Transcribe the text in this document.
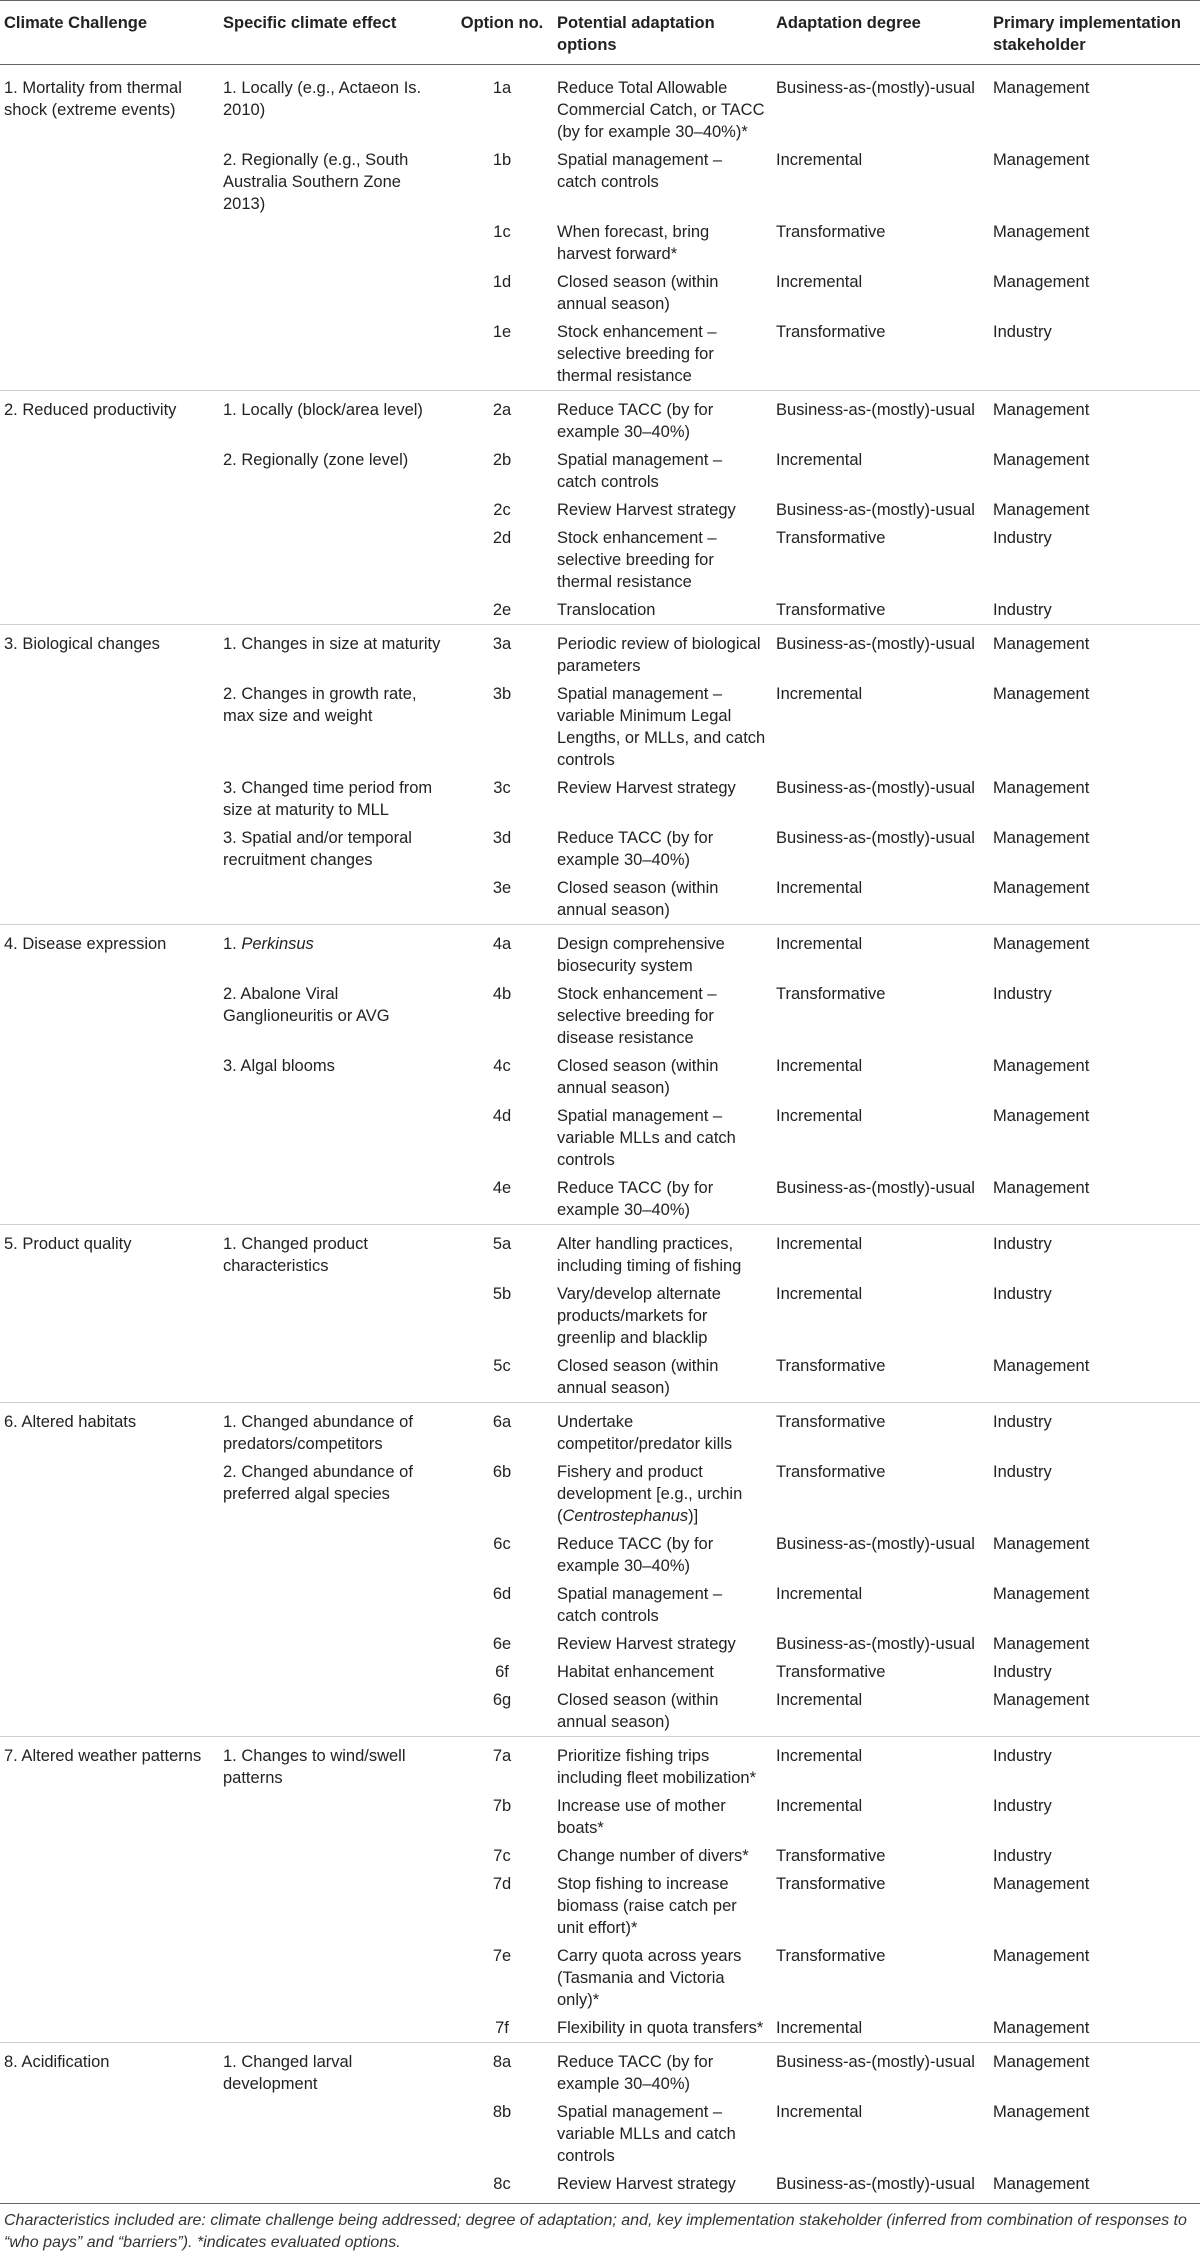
Climate Challenge	Specific climate effect	Option no.	Potential adaptation options	Adaptation degree	Primary implementation stakeholder
1. Mortality from thermal shock (extreme events)	1. Locally (e.g., Actaeon Is. 2010)	1a	Reduce Total Allowable Commercial Catch, or TACC (by for example 30–40%)*	Business-as-(mostly)-usual	Management
	2. Regionally (e.g., South Australia Southern Zone 2013)	1b	Spatial management – catch controls	Incremental	Management
		1c	When forecast, bring harvest forward*	Transformative	Management
		1d	Closed season (within annual season)	Incremental	Management
		1e	Stock enhancement – selective breeding for thermal resistance	Transformative	Industry
2. Reduced productivity	1. Locally (block/area level)	2a	Reduce TACC (by for example 30–40%)	Business-as-(mostly)-usual	Management
	2. Regionally (zone level)	2b	Spatial management – catch controls	Incremental	Management
		2c	Review Harvest strategy	Business-as-(mostly)-usual	Management
		2d	Stock enhancement – selective breeding for thermal resistance	Transformative	Industry
		2e	Translocation	Transformative	Industry
3. Biological changes	1. Changes in size at maturity	3a	Periodic review of biological parameters	Business-as-(mostly)-usual	Management
	2. Changes in growth rate, max size and weight	3b	Spatial management – variable Minimum Legal Lengths, or MLLs, and catch controls	Incremental	Management
	3. Changed time period from size at maturity to MLL	3c	Review Harvest strategy	Business-as-(mostly)-usual	Management
	3. Spatial and/or temporal recruitment changes	3d	Reduce TACC (by for example 30–40%)	Business-as-(mostly)-usual	Management
		3e	Closed season (within annual season)	Incremental	Management
4. Disease expression	1. Perkinsus	4a	Design comprehensive biosecurity system	Incremental	Management
	2. Abalone Viral Ganglioneuritis or AVG	4b	Stock enhancement – selective breeding for disease resistance	Transformative	Industry
	3. Algal blooms	4c	Closed season (within annual season)	Incremental	Management
		4d	Spatial management – variable MLLs and catch controls	Incremental	Management
		4e	Reduce TACC (by for example 30–40%)	Business-as-(mostly)-usual	Management
5. Product quality	1. Changed product characteristics	5a	Alter handling practices, including timing of fishing	Incremental	Industry
		5b	Vary/develop alternate products/markets for greenlip and blacklip	Incremental	Industry
		5c	Closed season (within annual season)	Transformative	Management
6. Altered habitats	1. Changed abundance of predators/competitors	6a	Undertake competitor/predator kills	Transformative	Industry
	2. Changed abundance of preferred algal species	6b	Fishery and product development [e.g., urchin (Centrostephanus)]	Transformative	Industry
		6c	Reduce TACC (by for example 30–40%)	Business-as-(mostly)-usual	Management
		6d	Spatial management – catch controls	Incremental	Management
		6e	Review Harvest strategy	Business-as-(mostly)-usual	Management
		6f	Habitat enhancement	Transformative	Industry
		6g	Closed season (within annual season)	Incremental	Management
7. Altered weather patterns	1. Changes to wind/swell patterns	7a	Prioritize fishing trips including fleet mobilization*	Incremental	Industry
		7b	Increase use of mother boats*	Incremental	Industry
		7c	Change number of divers*	Transformative	Industry
		7d	Stop fishing to increase biomass (raise catch per unit effort)*	Transformative	Management
		7e	Carry quota across years (Tasmania and Victoria only)*	Transformative	Management
		7f	Flexibility in quota transfers*	Incremental	Management
8. Acidification	1. Changed larval development	8a	Reduce TACC (by for example 30–40%)	Business-as-(mostly)-usual	Management
		8b	Spatial management – variable MLLs and catch controls	Incremental	Management
		8c	Review Harvest strategy	Business-as-(mostly)-usual	Management
Characteristics included are: climate challenge being addressed; degree of adaptation; and, key implementation stakeholder (inferred from combination of responses to “who pays” and “barriers”). *indicates evaluated options.
